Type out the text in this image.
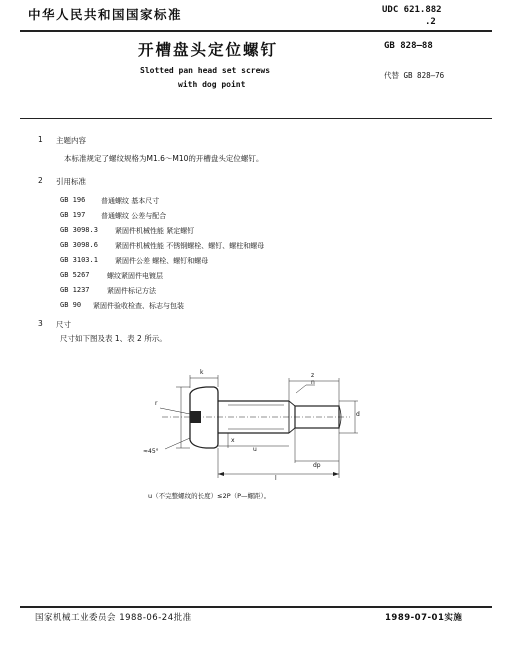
中华人民共和国国家标准	UDC 621.882
.2
开槽盘头定位螺钉	GB 828—88
Slotted pan head set screws
with dog point
代替 GB 828—76
1 主题内容
本标准规定了螺纹规格为M1.6～M10的开槽盘头定位螺钉。
2 引用标准
GB 196 普通螺纹 基本尺寸
GB 197 普通螺纹 公差与配合
GB 3098.3 紧固件机械性能 紧定螺钉
GB 3098.6 紧固件机械性能 不锈钢螺栓、螺钉、螺柱和螺母
GB 3103.1 紧固件公差 螺栓、螺钉和螺母
GB 5267 螺纹紧固件电镀层
GB 1237 紧固件标记方法
GB 90 紧固件验收检查、标志与包装
3 尺寸
尺寸如下图及表 1、表 2 所示。
n
d
u
l
dp
z
k
≈45°
r
x
u（不完整螺纹的长度）≤2P（P—螺距）。
国家机械工业委员会 1988-06-24批准	1989-07-01实施
